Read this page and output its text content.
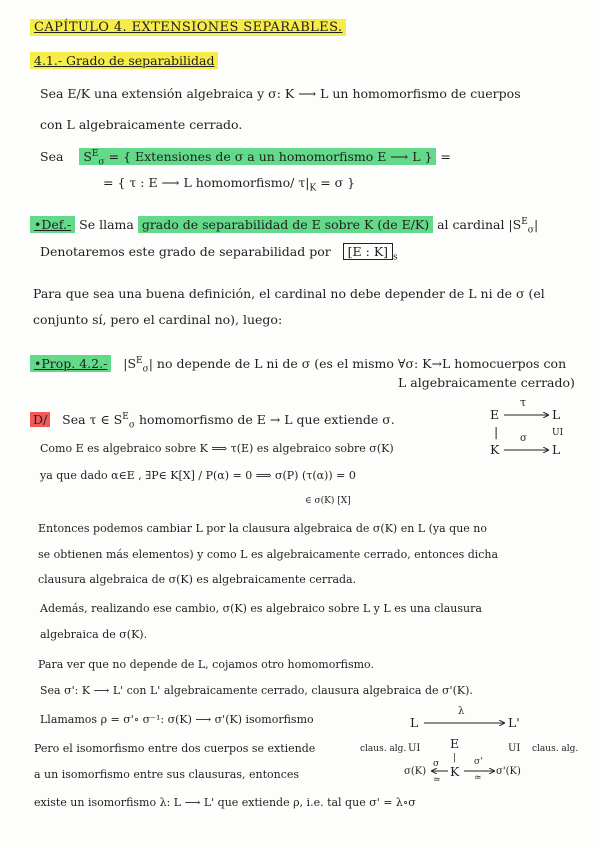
CAPÍTULO 4. EXTENSIONES SEPARABLES.
4.1.- Grado de separabilidad
Sea E/K una extensión algebraica y σ: K ⟶ L un homomorfismo de cuerpos
con L algebraicamente cerrado.
Sea $S^E_\sigma$ = { Extensiones de σ a un homomorfismo E ⟶ L } =
= { τ : E ⟶ L homomorfismo/ $\tau|_K = \sigma$ }
•Def.- Se llama grado de separabilidad de E sobre K (de E/K) al cardinal $|S^E_\sigma|$
Denotaremos este grado de separabilidad por [E : K] $_s$
Para que sea una buena definición, el cardinal no debe depender de L ni de σ (el
conjunto sí, pero el cardinal no), luego:
•Prop. 4.2.- $|S^E_\sigma|$ no depende de L ni de σ (es el mismo ∀σ: K→L homocuerpos con
L algebraicamente cerrado)
D/ Sea τ ∈ $S^E_\sigma$ homomorfismo de E → L que extiende σ.
Como E es algebraico sobre K ⟹ τ(E) es algebraico sobre σ(K)
ya que dado α∈E , ∃P∈ K[X] / P(α) = 0 ⟹ σ(P) (τ(α)) = 0
∈ σ(K) [X]
Entonces podemos cambiar L por la clausura algebraica de σ(K) en L (ya que no
se obtienen más elementos) y como L es algebraicamente cerrado, entonces dicha
clausura algebraica de σ(K) es algebraicamente cerrada.
Además, realizando ese cambio, σ(K) es algebraico sobre L y L es una clausura
algebraica de σ(K).
Para ver que no depende de L, cojamos otro homomorfismo.
Sea σ': K ⟶ L' con L' algebraicamente cerrado, clausura algebraica de σ'(K).
Llamamos ρ = σ'∘ σ⁻¹: σ(K) ⟶ σ'(K) isomorfismo
Pero el isomorfismo entre dos cuerpos se extiende
a un isomorfismo entre sus clausuras, entonces
existe un isomorfismo λ: L ⟶ L' que extiende ρ, i.e. tal que σ' = λ∘σ
E
τ
L
|	UI
K
σ
L
L
λ
L'
claus. alg. UI E
|
UI claus. alg.
σ(K)
σ
≃
K
σ'
≃
σ'(K)
